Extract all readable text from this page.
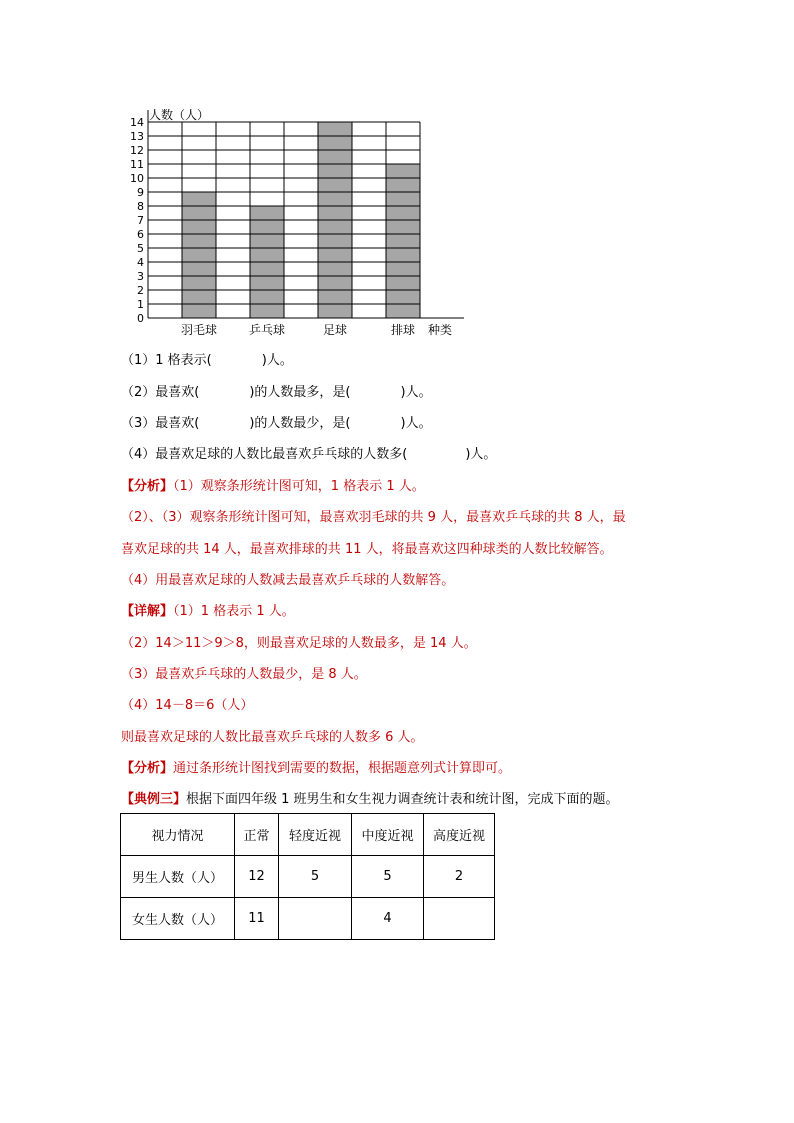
0
1
2
3
4
5
6
7
8
9
10
11
12
13
14
人数（人）
羽毛球	乒乓球	足球	排球 种类
（1）1 格表示(	)人。
（2）最喜欢(	)的人数最多，是(	)人。
（3）最喜欢(	)的人数最少，是(	)人。
（4）最喜欢足球的人数比最喜欢乒乓球的人数多(	)人。
【分析】（1）观察条形统计图可知，1 格表示 1 人。
（2）、（3）观察条形统计图可知，最喜欢羽毛球的共 9 人，最喜欢乒乓球的共 8 人，最
喜欢足球的共 14 人，最喜欢排球的共 11 人，将最喜欢这四种球类的人数比较解答。
（4）用最喜欢足球的人数减去最喜欢乒乓球的人数解答。
【详解】（1）1 格表示 1 人。
（2）14＞11＞9＞8，则最喜欢足球的人数最多，是 14 人。
（3）最喜欢乒乓球的人数最少，是 8 人。
（4）14－8＝6（人）
则最喜欢足球的人数比最喜欢乒乓球的人数多 6 人。
【分析】通过条形统计图找到需要的数据，根据题意列式计算即可。
【典例三】根据下面四年级 1 班男生和女生视力调查统计表和统计图，完成下面的题。
视力情况	正常	轻度近视	中度近视	高度近视
男生人数（人）	12	5	5	2
女生人数（人）	11		4	
